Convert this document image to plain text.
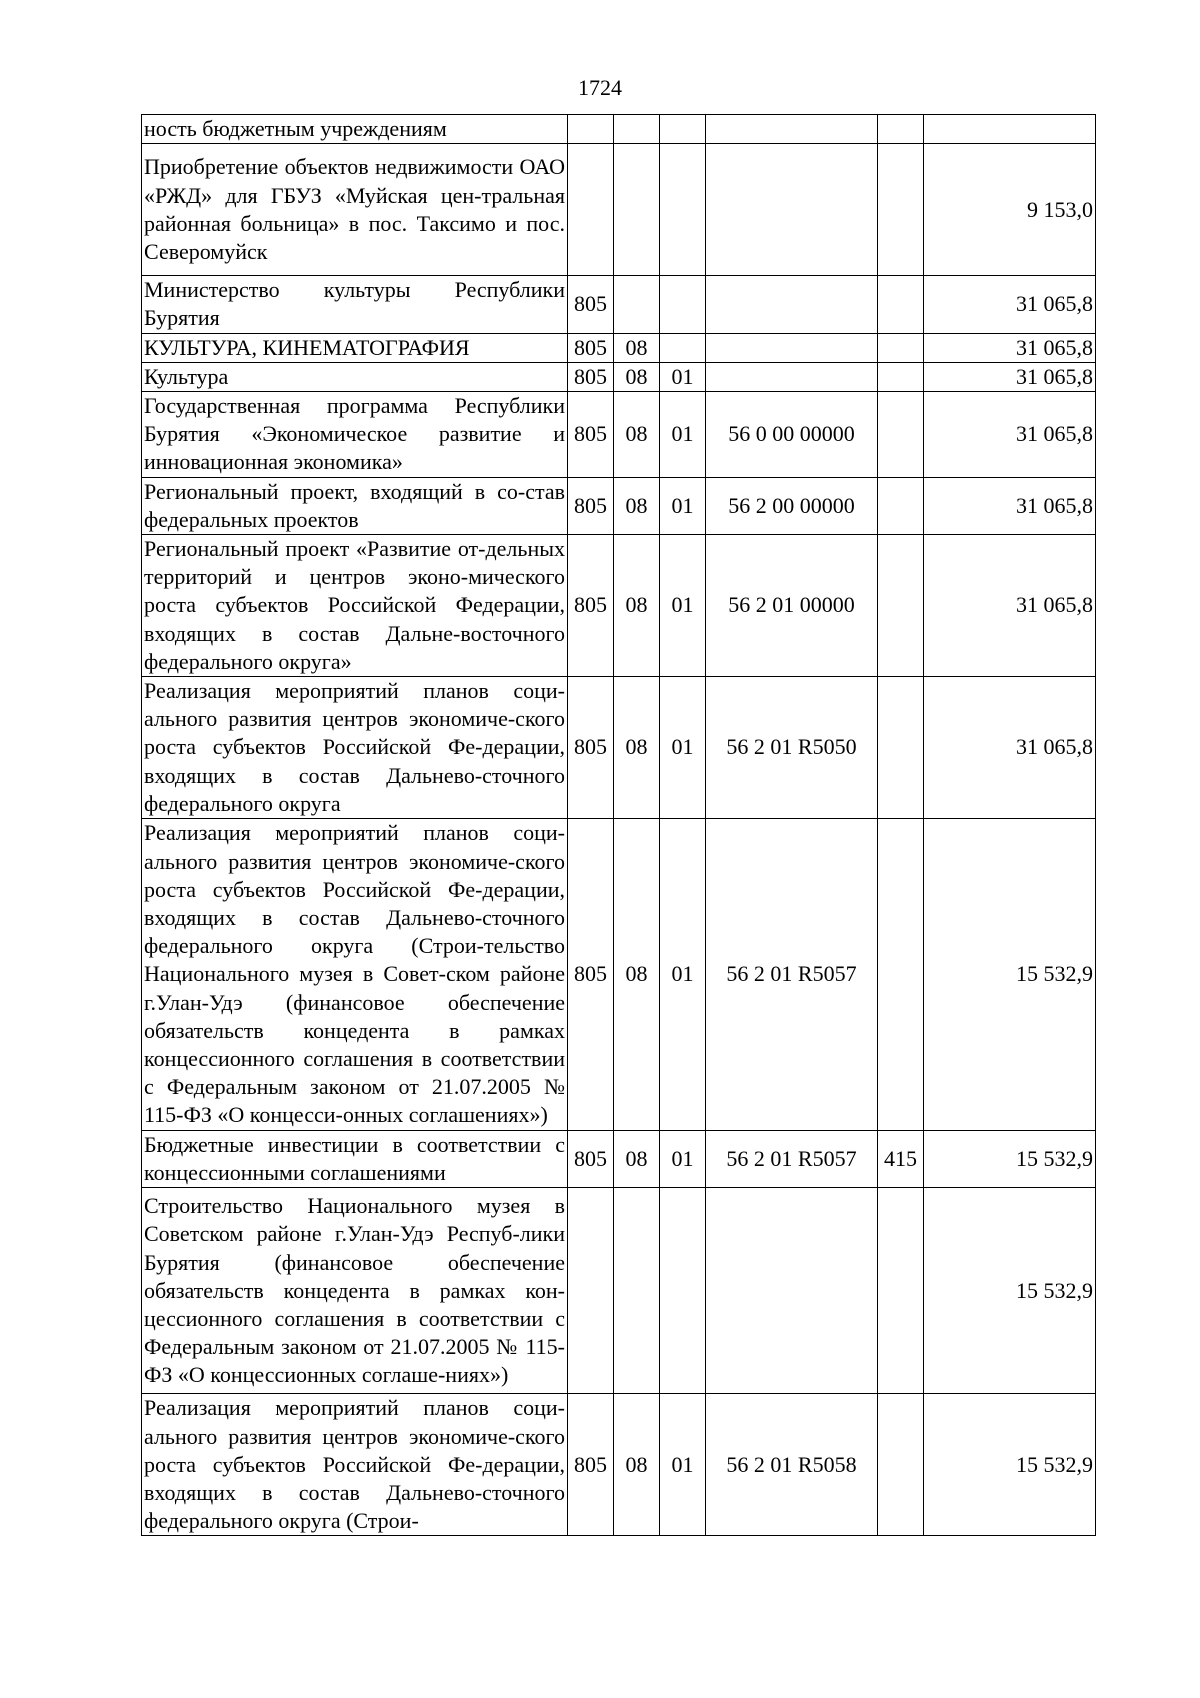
1724
ность бюджетным учреждениям						
Приобретение объектов недвижимости ОАО «РЖД» для ГБУЗ «Муйская цен-тральная районная больница» в пос. Таксимо и пос. Северомуйск						9 153,0
Министерство культуры Республики Бурятия	805					31 065,8
КУЛЬТУРА, КИНЕМАТОГРАФИЯ	805	08				31 065,8
Культура	805	08	01			31 065,8
Государственная программа Республики Бурятия «Экономическое развитие и инновационная экономика»	805	08	01	56 0 00 00000		31 065,8
Региональный проект, входящий в со-став федеральных проектов	805	08	01	56 2 00 00000		31 065,8
Региональный проект «Развитие от-дельных территорий и центров эконо-мического роста субъектов Российской Федерации, входящих в состав Дальне-восточного федерального округа»	805	08	01	56 2 01 00000		31 065,8
Реализация мероприятий планов соци-ального развития центров экономиче-ского роста субъектов Российской Фе-дерации, входящих в состав Дальнево-сточного федерального округа	805	08	01	56 2 01 R5050		31 065,8
Реализация мероприятий планов соци-ального развития центров экономиче-ского роста субъектов Российской Фе-дерации, входящих в состав Дальнево-сточного федерального округа (Строи-тельство Национального музея в Совет-ском районе г.Улан-Удэ (финансовое обеспечение обязательств концедента в рамках концессионного соглашения в соответствии с Федеральным законом от 21.07.2005 № 115-ФЗ «О концесси-онных соглашениях»)	805	08	01	56 2 01 R5057		15 532,9
Бюджетные инвестиции в соответствии с концессионными соглашениями	805	08	01	56 2 01 R5057	415	15 532,9
Строительство Национального музея в Советском районе г.Улан-Удэ Респуб-лики Бурятия (финансовое обеспечение обязательств концедента в рамках кон-цессионного соглашения в соответствии с Федеральным законом от 21.07.2005 № 115-ФЗ «О концессионных соглаше-ниях»)						15 532,9
Реализация мероприятий планов соци-ального развития центров экономиче-ского роста субъектов Российской Фе-дерации, входящих в состав Дальнево-сточного федерального округа (Строи-	805	08	01	56 2 01 R5058		15 532,9
